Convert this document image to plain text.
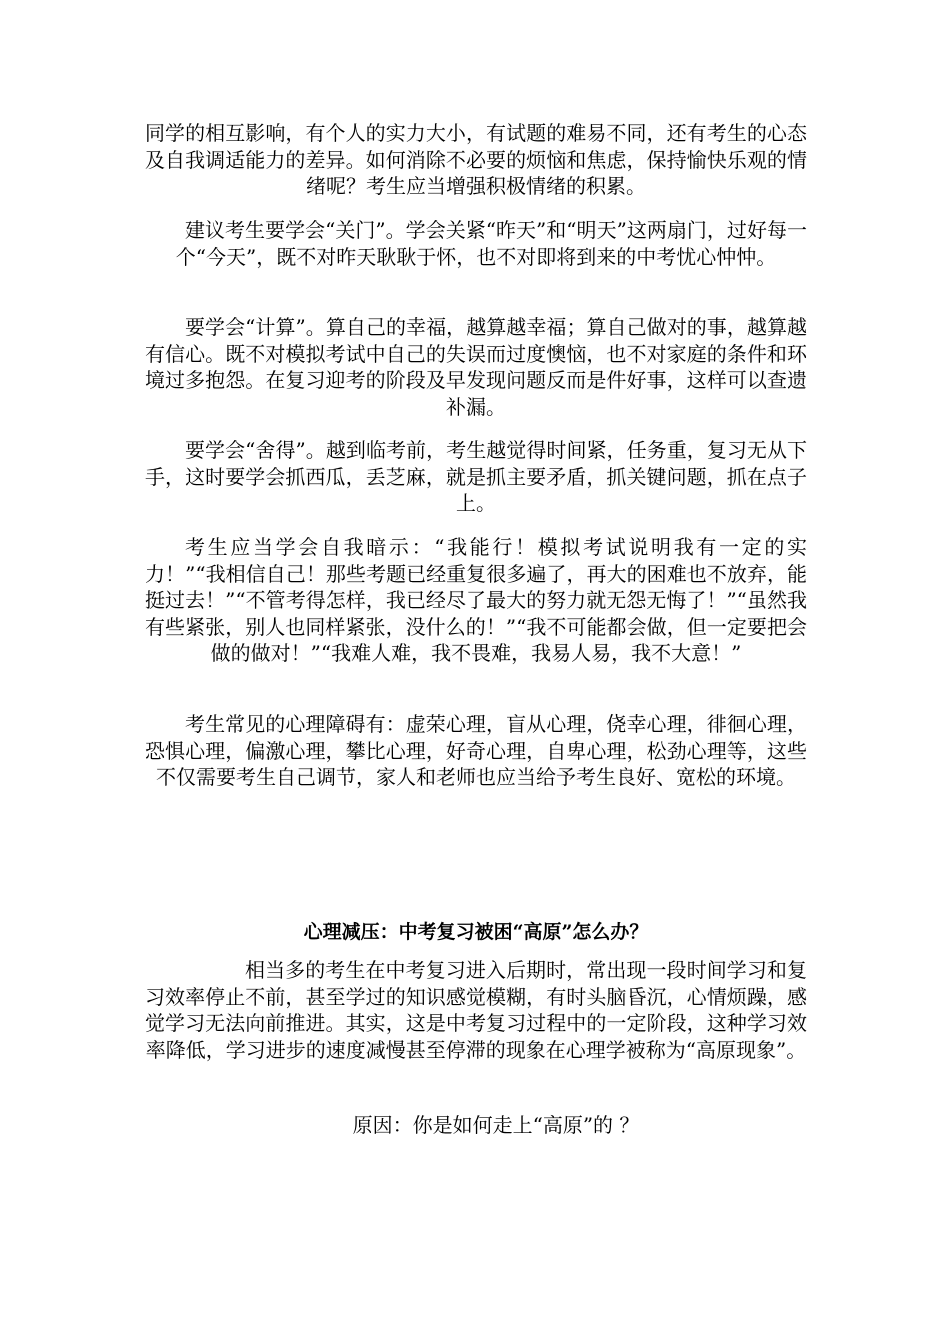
同学的相互影响，有个人的实力大小，有试题的难易不同，还有考生的心态及自我调适能力的差异。如何消除不必要的烦恼和焦虑，保持愉快乐观的情绪呢？考生应当增强积极情绪的积累。

建议考生要学会“关门”。学会关紧“昨天”和“明天”这两扇门，过好每一个“今天”，既不对昨天耿耿于怀，也不对即将到来的中考忧心忡忡。

要学会“计算”。算自己的幸福，越算越幸福；算自己做对的事，越算越有信心。既不对模拟考试中自己的失误而过度懊恼，也不对家庭的条件和环境过多抱怨。在复习迎考的阶段及早发现问题反而是件好事，这样可以查遗补漏。

要学会“舍得”。越到临考前，考生越觉得时间紧，任务重，复习无从下手，这时要学会抓西瓜，丢芝麻，就是抓主要矛盾，抓关键问题，抓在点子上。

考生应当学会自我暗示：“我能行！模拟考试说明我有一定的实力！”“我相信自己！那些考题已经重复很多遍了，再大的困难也不放弃，能挺过去！”“不管考得怎样，我已经尽了最大的努力就无怨无悔了！”“虽然我有些紧张，别人也同样紧张，没什么的！”“我不可能都会做，但一定要把会做的做对！”“我难人难，我不畏难，我易人易，我不大意！”

考生常见的心理障碍有：虚荣心理，盲从心理，侥幸心理，徘徊心理，恐惧心理，偏激心理，攀比心理，好奇心理，自卑心理，松劲心理等，这些不仅需要考生自己调节，家人和老师也应当给予考生良好、宽松的环境。

心理减压：中考复习被困“高原”怎么办？

相当多的考生在中考复习进入后期时，常出现一段时间学习和复习效率停止不前，甚至学过的知识感觉模糊，有时头脑昏沉，心情烦躁，感觉学习无法向前推进。其实，这是中考复习过程中的一定阶段，这种学习效率降低，学习进步的速度减慢甚至停滞的现象在心理学被称为“高原现象”。

原因：你是如何走上“高原”的 ？
